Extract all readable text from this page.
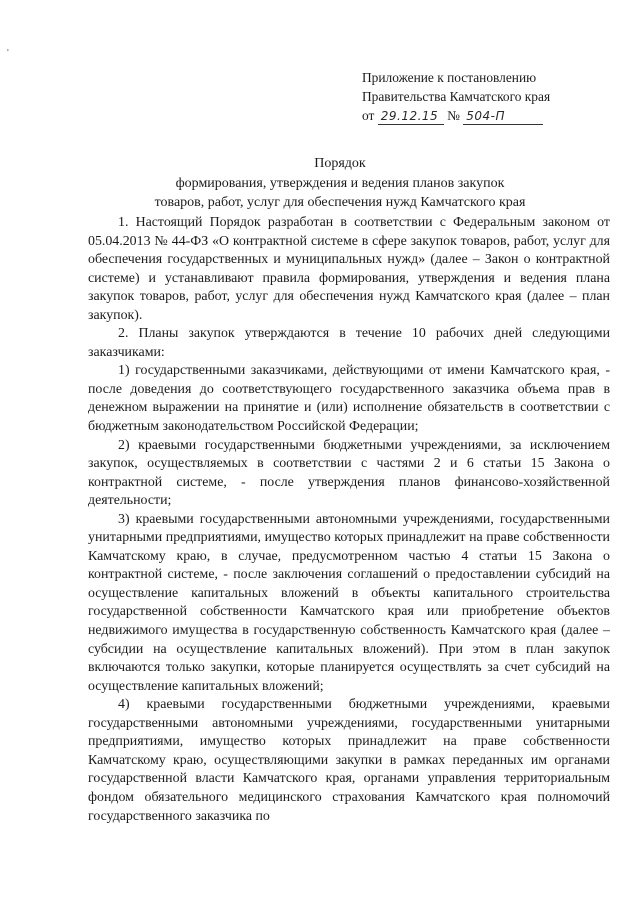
'
Приложение к постановлению
Правительства Камчатского края
от 29.12.15 № 504-П
Порядок
формирования, утверждения и ведения планов закупок
товаров, работ, услуг для обеспечения нужд Камчатского края

1. Настоящий Порядок разработан в соответствии с Федеральным законом от 05.04.2013 № 44-ФЗ «О контрактной системе в сфере закупок товаров, работ, услуг для обеспечения государственных и муниципальных нужд» (далее – Закон о контрактной системе) и устанавливают правила формирования, утверждения и ведения плана закупок товаров, работ, услуг для обеспечения нужд Камчатского края (далее – план закупок).

2. Планы закупок утверждаются в течение 10 рабочих дней следующими заказчиками:

1) государственными заказчиками, действующими от имени Камчатского края, - после доведения до соответствующего государственного заказчика объема прав в денежном выражении на принятие и (или) исполнение обязательств в соответствии с бюджетным законодательством Российской Федерации;

2) краевыми государственными бюджетными учреждениями, за исключением закупок, осуществляемых в соответствии с частями 2 и 6 статьи 15 Закона о контрактной системе, - после утверждения планов финансово-хозяйственной деятельности;

3) краевыми государственными автономными учреждениями, государственными унитарными предприятиями, имущество которых принадлежит на праве собственности Камчатскому краю, в случае, предусмотренном частью 4 статьи 15 Закона о контрактной системе, - после заключения соглашений о предоставлении субсидий на осуществление капитальных вложений в объекты капитального строительства государственной собственности Камчатского края или приобретение объектов недвижимого имущества в государственную собственность Камчатского края (далее – субсидии на осуществление капитальных вложений). При этом в план закупок включаются только закупки, которые планируется осуществлять за счет субсидий на осуществление капитальных вложений;

4) краевыми государственными бюджетными учреждениями, краевыми государственными автономными учреждениями, государственными унитарными предприятиями, имущество которых принадлежит на праве собственности Камчатскому краю, осуществляющими закупки в рамках переданных им органами государственной власти Камчатского края, органами управления территориальным фондом обязательного медицинского страхования Камчатского края полномочий государственного заказчика по
